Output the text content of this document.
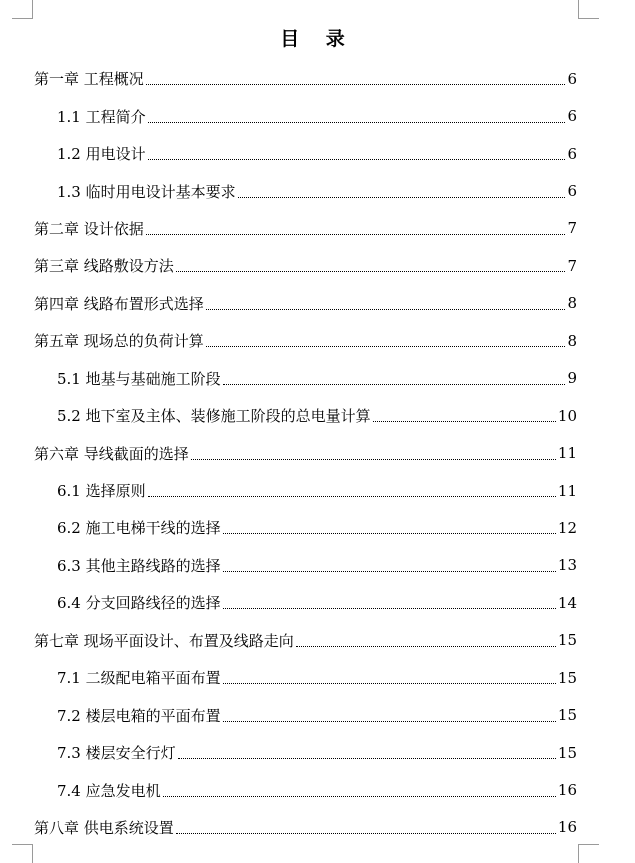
目 录
第一章 工程概况	6
1.1 工程简介	6
1.2 用电设计	6
1.3 临时用电设计基本要求	6
第二章 设计依据	7
第三章 线路敷设方法	7
第四章 线路布置形式选择	8
第五章 现场总的负荷计算	8
5.1 地基与基础施工阶段	9
5.2 地下室及主体、装修施工阶段的总电量计算	10
第六章 导线截面的选择	11
6.1 选择原则	11
6.2 施工电梯干线的选择	12
6.3 其他主路线路的选择	13
6.4 分支回路线径的选择	14
第七章 现场平面设计、布置及线路走向	15
7.1 二级配电箱平面布置	15
7.2 楼层电箱的平面布置	15
7.3 楼层安全行灯	15
7.4 应急发电机	16
第八章 供电系统设置	16
